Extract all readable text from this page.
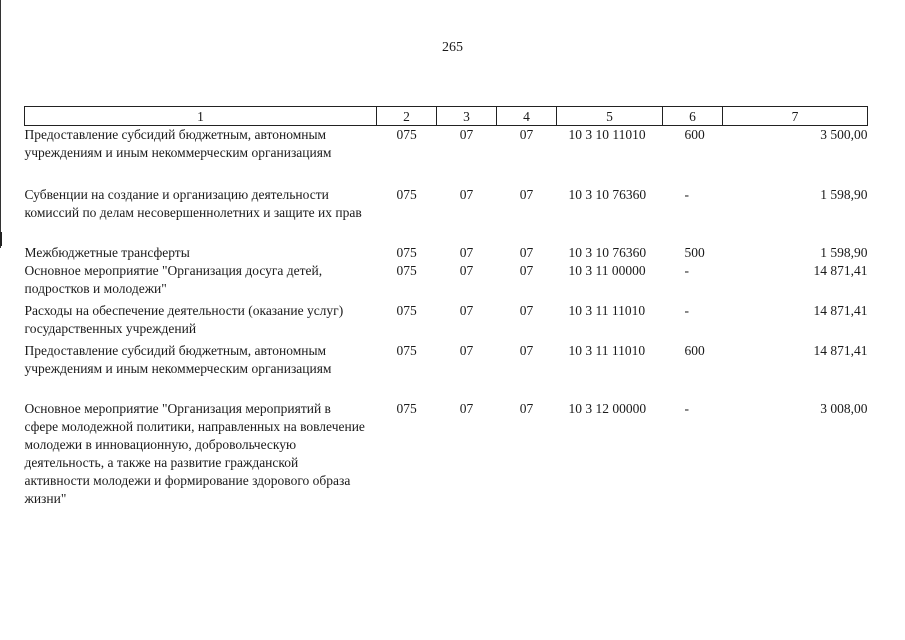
265
1	2	3	4	5	6	7
Предоставление субсидий бюджетным, автономным учреждениям и иным некоммерческим организациям	075	07	07	10 3 10 11010	600	3 500,00
Субвенции на создание и организацию деятельности комиссий по делам несовершеннолетних и защите их прав	075	07	07	10 3 10 76360	-	1 598,90
Межбюджетные трансферты	075	07	07	10 3 10 76360	500	1 598,90
Основное мероприятие "Организация досуга детей, подростков и молодежи"	075	07	07	10 3 11 00000	-	14 871,41
Расходы на обеспечение деятельности (оказание услуг) государственных учреждений	075	07	07	10 3 11 11010	-	14 871,41
Предоставление субсидий бюджетным, автономным учреждениям и иным некоммерческим организациям	075	07	07	10 3 11 11010	600	14 871,41
Основное мероприятие "Организация мероприятий в сфере молодежной политики, направленных на вовлечение молодежи в инновационную, добровольческую деятельность, а также на развитие гражданской активности молодежи и формирование здорового образа жизни"	075	07	07	10 3 12 00000	-	3 008,00
